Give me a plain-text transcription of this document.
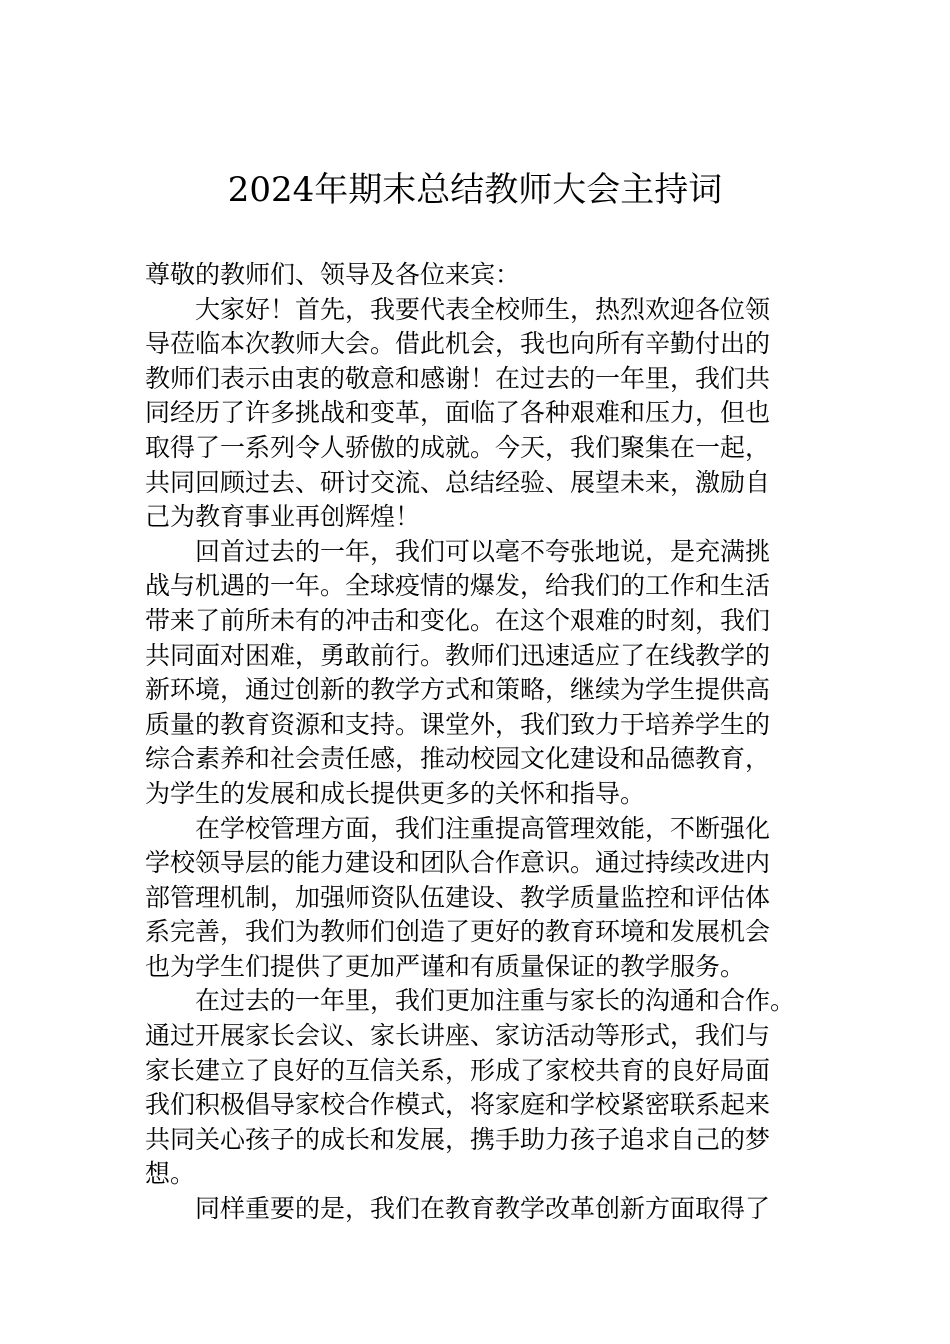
2024年期末总结教师大会主持词
尊敬的教师们、领导及各位来宾：
大家好！首先，我要代表全校师生，热烈欢迎各位领
导莅临本次教师大会。借此机会，我也向所有辛勤付出的
教师们表示由衷的敬意和感谢！在过去的一年里，我们共
同经历了许多挑战和变革，面临了各种艰难和压力，但也
取得了一系列令人骄傲的成就。今天，我们聚集在一起，
共同回顾过去、研讨交流、总结经验、展望未来，激励自
己为教育事业再创辉煌！
回首过去的一年，我们可以毫不夸张地说，是充满挑
战与机遇的一年。全球疫情的爆发，给我们的工作和生活
带来了前所未有的冲击和变化。在这个艰难的时刻，我们
共同面对困难，勇敢前行。教师们迅速适应了在线教学的
新环境，通过创新的教学方式和策略，继续为学生提供高
质量的教育资源和支持。课堂外，我们致力于培养学生的
综合素养和社会责任感，推动校园文化建设和品德教育，
为学生的发展和成长提供更多的关怀和指导。
在学校管理方面，我们注重提高管理效能，不断强化
学校领导层的能力建设和团队合作意识。通过持续改进内
部管理机制，加强师资队伍建设、教学质量监控和评估体
系完善，我们为教师们创造了更好的教育环境和发展机会
也为学生们提供了更加严谨和有质量保证的教学服务。
在过去的一年里，我们更加注重与家长的沟通和合作。
通过开展家长会议、家长讲座、家访活动等形式，我们与
家长建立了良好的互信关系，形成了家校共育的良好局面
我们积极倡导家校合作模式，将家庭和学校紧密联系起来
共同关心孩子的成长和发展，携手助力孩子追求自己的梦
想。
同样重要的是，我们在教育教学改革创新方面取得了
